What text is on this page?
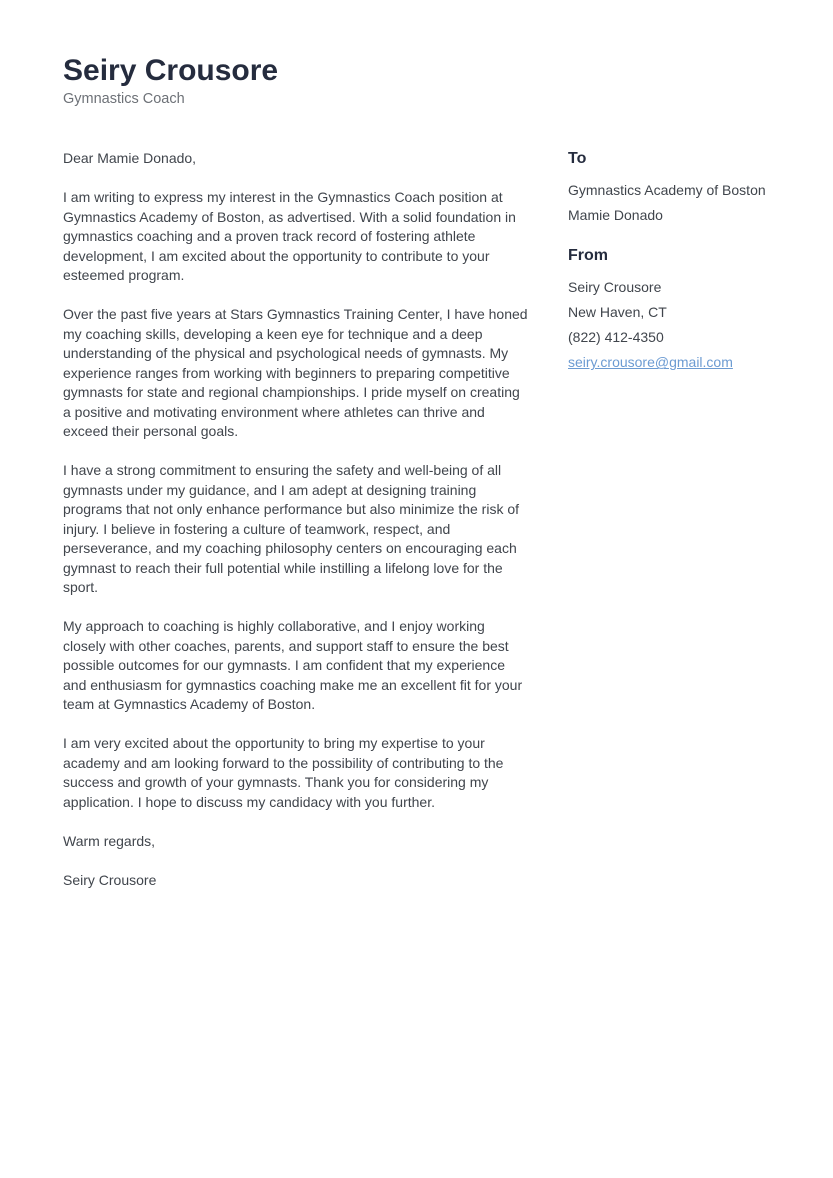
Seiry Crousore
Gymnastics Coach

Dear Mamie Donado,

I am writing to express my interest in the Gymnastics Coach position at Gymnastics Academy of Boston, as advertised. With a solid foundation in gymnastics coaching and a proven track record of fostering athlete development, I am excited about the opportunity to contribute to your esteemed program.

Over the past five years at Stars Gymnastics Training Center, I have honed my coaching skills, developing a keen eye for technique and a deep understanding of the physical and psychological needs of gymnasts. My experience ranges from working with beginners to preparing competitive gymnasts for state and regional championships. I pride myself on creating a positive and motivating environment where athletes can thrive and exceed their personal goals.

I have a strong commitment to ensuring the safety and well-being of all gymnasts under my guidance, and I am adept at designing training programs that not only enhance performance but also minimize the risk of injury. I believe in fostering a culture of teamwork, respect, and perseverance, and my coaching philosophy centers on encouraging each gymnast to reach their full potential while instilling a lifelong love for the sport.

My approach to coaching is highly collaborative, and I enjoy working closely with other coaches, parents, and support staff to ensure the best possible outcomes for our gymnasts. I am confident that my experience and enthusiasm for gymnastics coaching make me an excellent fit for your team at Gymnastics Academy of Boston.

I am very excited about the opportunity to bring my expertise to your academy and am looking forward to the possibility of contributing to the success and growth of your gymnasts. Thank you for considering my application. I hope to discuss my candidacy with you further.

Warm regards,

Seiry Crousore

To

Gymnastics Academy of Boston

Mamie Donado

From

Seiry Crousore

New Haven, CT

(822) 412-4350

seiry.crousore@gmail.com
